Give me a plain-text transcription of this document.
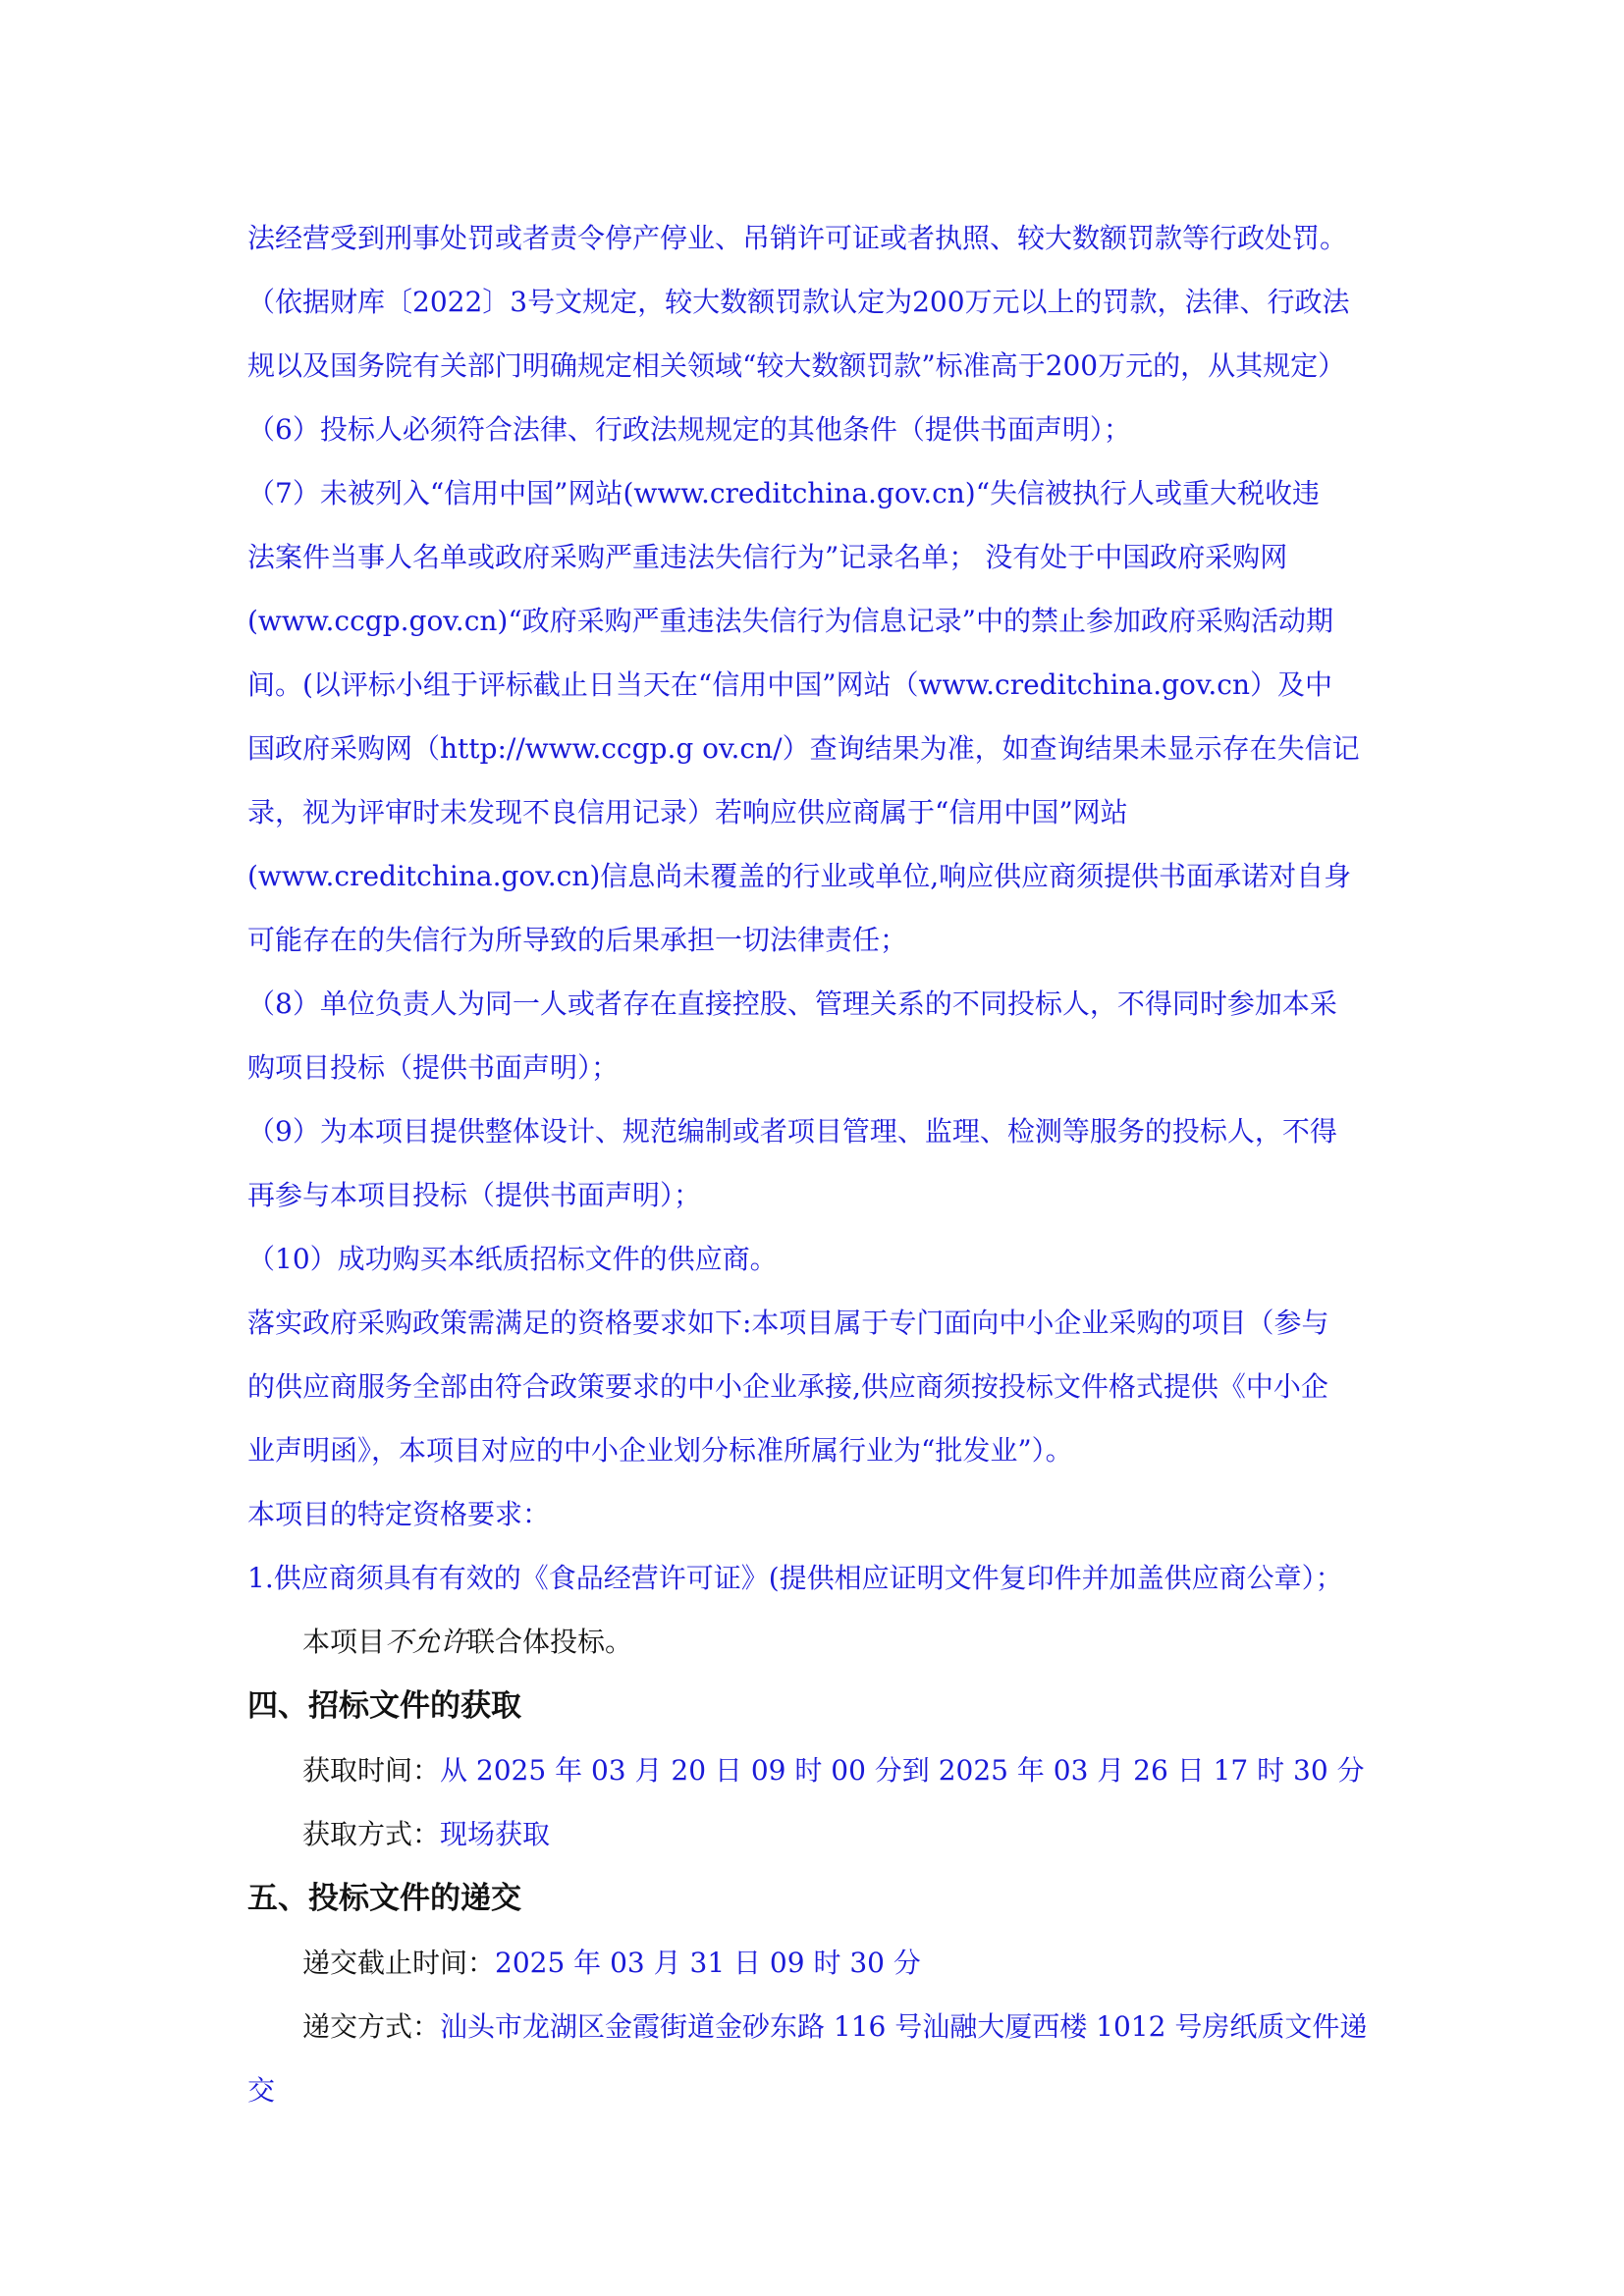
法经营受到刑事处罚或者责令停产停业、吊销许可证或者执照、较大数额罚款等行政处罚。

（依据财库〔2022〕3号文规定，较大数额罚款认定为200万元以上的罚款，法律、行政法

规以及国务院有关部门明确规定相关领域“较大数额罚款”标准高于200万元的，从其规定）

（6）投标人必须符合法律、行政法规规定的其他条件（提供书面声明）；

（7）未被列入“信用中国”网站(www.creditchina.gov.cn)“失信被执行人或重大税收违

法案件当事人名单或政府采购严重违法失信行为”记录名单； 没有处于中国政府采购网

(www.ccgp.gov.cn)“政府采购严重违法失信行为信息记录”中的禁止参加政府采购活动期

间。(以评标小组于评标截止日当天在“信用中国”网站（www.creditchina.gov.cn）及中

国政府采购网（http://www.ccgp.g ov.cn/）查询结果为准，如查询结果未显示存在失信记

录，视为评审时未发现不良信用记录）若响应供应商属于“信用中国”网站

(www.creditchina.gov.cn)信息尚未覆盖的行业或单位,响应供应商须提供书面承诺对自身

可能存在的失信行为所导致的后果承担一切法律责任；

（8）单位负责人为同一人或者存在直接控股、管理关系的不同投标人，不得同时参加本采

购项目投标（提供书面声明）；

（9）为本项目提供整体设计、规范编制或者项目管理、监理、检测等服务的投标人，不得

再参与本项目投标（提供书面声明）；

（10）成功购买本纸质招标文件的供应商。

落实政府采购政策需满足的资格要求如下:本项目属于专门面向中小企业采购的项目（参与

的供应商服务全部由符合政策要求的中小企业承接,供应商须按投标文件格式提供《中小企

业声明函》，本项目对应的中小企业划分标准所属行业为“批发业”）。

本项目的特定资格要求：

1.供应商须具有有效的《食品经营许可证》(提供相应证明文件复印件并加盖供应商公章）；

本项目不允许联合体投标。

四、招标文件的获取

获取时间：从 2025 年 03 月 20 日 09 时 00 分到 2025 年 03 月 26 日 17 时 30 分

获取方式：现场获取

五、投标文件的递交

递交截止时间：2025 年 03 月 31 日 09 时 30 分

递交方式：汕头市龙湖区金霞街道金砂东路 116 号汕融大厦西楼 1012 号房纸质文件递

交
